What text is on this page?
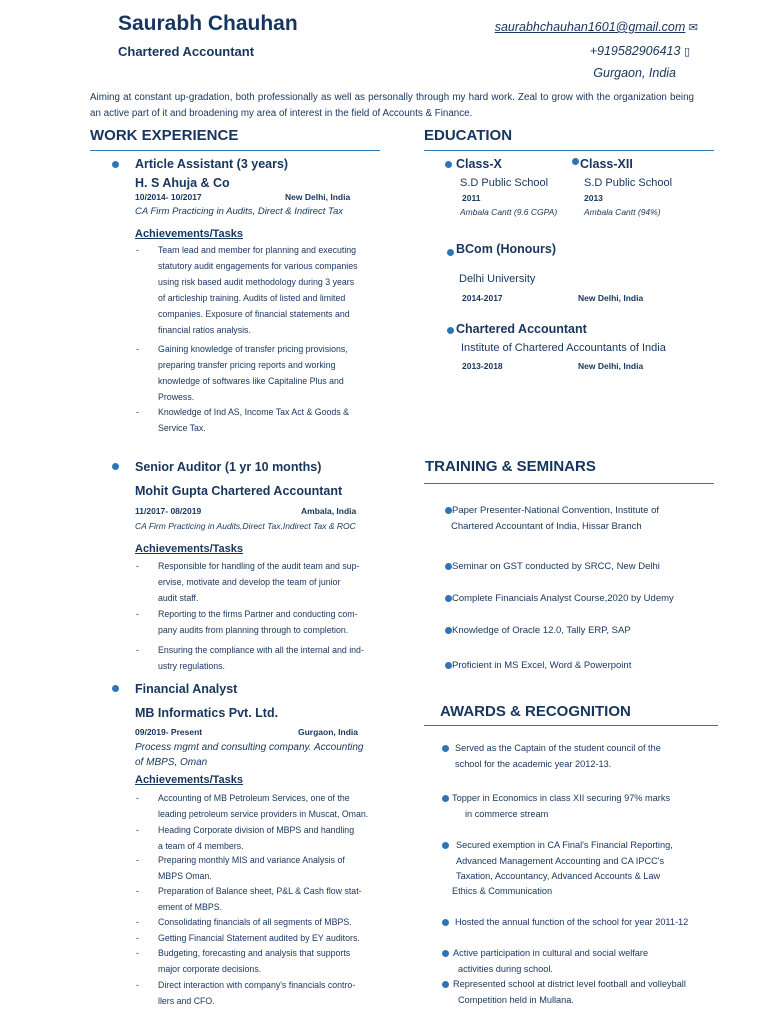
Saurabh Chauhan
Chartered Accountant
saurabhchauhan1601@gmail.com ✉
+919582906413 ▯
Gurgaon, India
Aiming at constant up-gradation, both professionally as well as personally through my hard work. Zeal to grow with the organization being an active part of it and broadening my area of interest in the field of Accounts & Finance.
WORK EXPERIENCE
Article Assistant (3 years)
H. S Ahuja & Co
10/2014- 10/2017	New Delhi, India
CA Firm Practicing in Audits, Direct & Indirect Tax
Achievements/Tasks
- Team lead and member for planning and executing
statutory audit engagements for various companies
using risk based audit methodology during 3 years
of articleship training. Audits of listed and limited
companies. Exposure of financial statements and
financial ratios analysis.
- Gaining knowledge of transfer pricing provisions,
preparing transfer pricing reports and working
knowledge of softwares like Capitaline Plus and
Prowess.
- Knowledge of Ind AS, Income Tax Act & Goods &
Service Tax.
Senior Auditor (1 yr 10 months)
Mohit Gupta Chartered Accountant
11/2017- 08/2019	Ambala, India
CA Firm Practicing in Audits,Direct Tax,Indirect Tax & ROC
Achievements/Tasks
- Responsible for handling of the audit team and sup-
ervise, motivate and develop the team of junior
audit staff.
- Reporting to the firms Partner and conducting com-
pany audits from planning through to completion.
- Ensuring the compliance with all the internal and ind-
ustry regulations.
Financial Analyst
MB Informatics Pvt. Ltd.
09/2019- Present	Gurgaon, India
Process mgmt and consulting company. Accounting
of MBPS, Oman
Achievements/Tasks
- Accounting of MB Petroleum Services, one of the
leading petroleum service providers in Muscat, Oman.
- Heading Corporate division of MBPS and handling
a team of 4 members.
- Preparing monthly MIS and variance Analysis of
MBPS Oman.
- Preparation of Balance sheet, P&L & Cash flow stat-
ement of MBPS.
- Consolidating financials of all segments of MBPS.
- Getting Financial Statement audited by EY auditors.
- Budgeting, forecasting and analysis that supports
major corporate decisions.
- Direct interaction with company's financials contro-
llers and CFO.
EDUCATION
Class-X	Class-XII
S.D Public School	S.D Public School
2011	2013
Ambala Cantt (9.6 CGPA)	Ambala Cantt (94%)
BCom (Honours)
Delhi University
2014-2017	New Delhi, India
Chartered Accountant
Institute of Chartered Accountants of India
2013-2018	New Delhi, India
TRAINING & SEMINARS
Paper Presenter-National Convention, Institute of
Chartered Accountant of India, Hissar Branch
Seminar on GST conducted by SRCC, New Delhi
Complete Financials Analyst Course,2020 by Udemy
Knowledge of Oracle 12.0, Tally ERP, SAP
Proficient in MS Excel, Word & Powerpoint
AWARDS & RECOGNITION
Served as the Captain of the student council of the
school for the academic year 2012-13.
Topper in Economics in class XII securing 97% marks
in commerce stream
Secured exemption in CA Final's Financial Reporting,
Advanced Management Accounting and CA IPCC's
Taxation, Accountancy, Advanced Accounts & Law
Ethics & Communication
Hosted the annual function of the school for year 2011-12
Active participation in cultural and social welfare
activities during school.
Represented school at district level football and volleyball
Competition held in Mullana.
